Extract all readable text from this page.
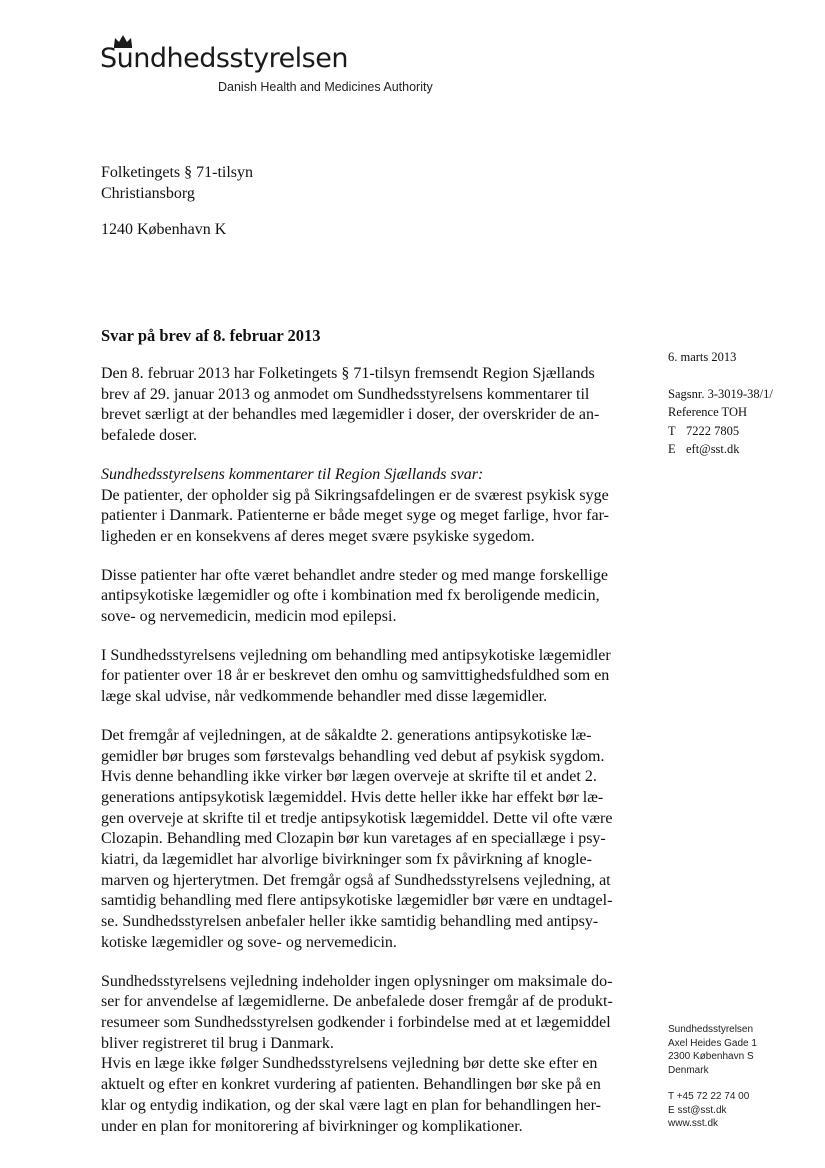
Sundhedsstyrelsen
Danish Health and Medicines Authority
Folketingets § 71-tilsyn
Christiansborg
1240 København K
6. marts 2013
Sagsnr. 3-3019-38/1/
Reference TOH
T 7222 7805
E eft@sst.dk
Svar på brev af 8. februar 2013

Den 8. februar 2013 har Folketingets § 71-tilsyn fremsendt Region Sjællands
brev af 29. januar 2013 og anmodet om Sundhedsstyrelsens kommentarer til
brevet særligt at der behandles med lægemidler i doser, der overskrider de an-
befalede doser.

Sundhedsstyrelsens kommentarer til Region Sjællands svar:
De patienter, der opholder sig på Sikringsafdelingen er de sværest psykisk syge
patienter i Danmark. Patienterne er både meget syge og meget farlige, hvor far-
ligheden er en konsekvens af deres meget svære psykiske sygedom.

Disse patienter har ofte været behandlet andre steder og med mange forskellige
antipsykotiske lægemidler og ofte i kombination med fx beroligende medicin,
sove- og nervemedicin, medicin mod epilepsi.

I Sundhedsstyrelsens vejledning om behandling med antipsykotiske lægemidler
for patienter over 18 år er beskrevet den omhu og samvittighedsfuldhed som en
læge skal udvise, når vedkommende behandler med disse lægemidler.

Det fremgår af vejledningen, at de såkaldte 2. generations antipsykotiske læ-
gemidler bør bruges som førstevalgs behandling ved debut af psykisk sygdom.
Hvis denne behandling ikke virker bør lægen overveje at skrifte til et andet 2.
generations antipsykotisk lægemiddel. Hvis dette heller ikke har effekt bør læ-
gen overveje at skrifte til et tredje antipsykotisk lægemiddel. Dette vil ofte være
Clozapin. Behandling med Clozapin bør kun varetages af en speciallæge i psy-
kiatri, da lægemidlet har alvorlige bivirkninger som fx påvirkning af knogle-
marven og hjerterytmen. Det fremgår også af Sundhedsstyrelsens vejledning, at
samtidig behandling med flere antipsykotiske lægemidler bør være en undtagel-
se. Sundhedsstyrelsen anbefaler heller ikke samtidig behandling med antipsy-
kotiske lægemidler og sove- og nervemedicin.

Sundhedsstyrelsens vejledning indeholder ingen oplysninger om maksimale do-
ser for anvendelse af lægemidlerne. De anbefalede doser fremgår af de produkt-
resumeer som Sundhedsstyrelsen godkender i forbindelse med at et lægemiddel
bliver registreret til brug i Danmark.

Hvis en læge ikke følger Sundhedsstyrelsens vejledning bør dette ske efter en
aktuelt og efter en konkret vurdering af patienten. Behandlingen bør ske på en
klar og entydig indikation, og der skal være lagt en plan for behandlingen her-
under en plan for monitorering af bivirkninger og komplikationer.

Sundhedsstyrelsen
Axel Heides Gade 1
2300 København S
Denmark
T +45 72 22 74 00
E sst@sst.dk
www.sst.dk
